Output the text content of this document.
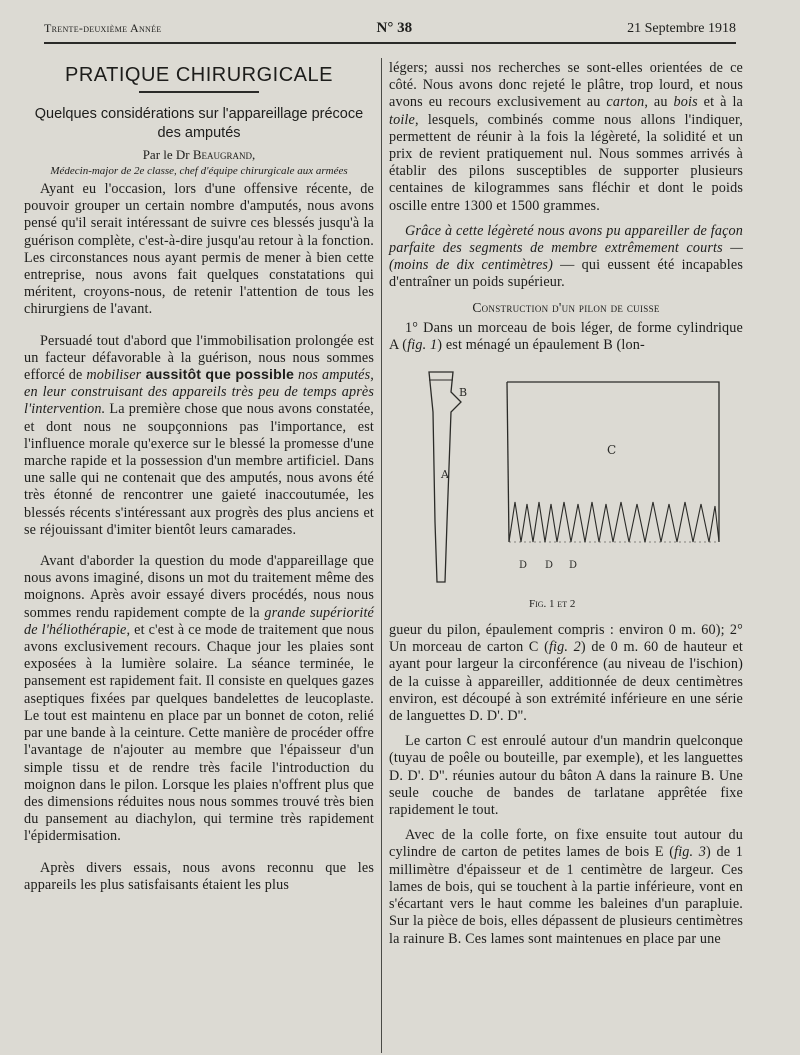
Trente-deuxième Année	N° 38	21 Septembre 1918
PRATIQUE CHIRURGICALE
Quelques considérations sur l'appareillage précoce des amputés
Par le Dr Beaugrand,
Médecin-major de 2e classe, chef d'équipe chirurgicale aux armées

Ayant eu l'occasion, lors d'une offensive récente, de pouvoir grouper un certain nombre d'amputés, nous avons pensé qu'il serait intéressant de suivre ces blessés jusqu'à la guérison complète, c'est-à-dire jusqu'au retour à la fonction. Les circonstances nous ayant permis de mener à bien cette entreprise, nous avons fait quelques constatations qui méritent, croyons-nous, de retenir l'attention de tous les chirurgiens de l'avant.

Persuadé tout d'abord que l'immobilisation prolongée est un facteur défavorable à la guérison, nous nous sommes efforcé de mobiliser aussitôt que possible nos amputés, en leur construisant des appareils très peu de temps après l'intervention. La première chose que nous avons constatée, et dont nous ne soupçonnions pas l'importance, est l'influence morale qu'exerce sur le blessé la promesse d'une marche rapide et la possession d'un membre artificiel. Dans une salle qui ne contenait que des amputés, nous avons été très étonné de rencontrer une gaieté inaccoutumée, les blessés récents s'intéressant aux progrès des plus anciens et se réjouissant d'imiter bientôt leurs camarades.

Avant d'aborder la question du mode d'appareillage que nous avons imaginé, disons un mot du traitement même des moignons. Après avoir essayé divers procédés, nous nous sommes rendu rapidement compte de la grande supériorité de l'héliothérapie, et c'est à ce mode de traitement que nous avons exclusivement recours. Chaque jour les plaies sont exposées à la lumière solaire. La séance terminée, le pansement est rapidement fait. Il consiste en quelques gazes aseptiques fixées par quelques bandelettes de leucoplaste. Le tout est maintenu en place par un bonnet de coton, relié par une bande à la ceinture. Cette manière de procéder offre l'avantage de n'ajouter au membre que l'épaisseur d'un simple tissu et de rendre très facile l'introduction du moignon dans le pilon. Lorsque les plaies n'offrent plus que des dimensions réduites nous nous sommes trouvé très bien du pansement au diachylon, qui termine très rapidement l'épidermisation.

Après divers essais, nous avons reconnu que les appareils les plus satisfaisants étaient les plus

légers; aussi nos recherches se sont-elles orientées de ce côté. Nous avons donc rejeté le plâtre, trop lourd, et nous avons eu recours exclusivement au carton, au bois et à la toile, lesquels, combinés comme nous allons l'indiquer, permettent de réunir à la fois la légèreté, la solidité et un prix de revient pratiquement nul. Nous sommes arrivés à établir des pilons susceptibles de supporter plusieurs centaines de kilogrammes sans fléchir et dont le poids oscille entre 1300 et 1500 grammes.

Grâce à cette légèreté nous avons pu appareiller de façon parfaite des segments de membre extrêmement courts — (moins de dix centimètres) — qui eussent été incapables d'entraîner un poids supérieur.

Construction d'un pilon de cuisse

1° Dans un morceau de bois léger, de forme cylindrique A (fig. 1) est ménagé un épaulement B (lon-

B
A
C
D D D
Fig. 1 et 2

gueur du pilon, épaulement compris : environ 0 m. 60); 2° Un morceau de carton C (fig. 2) de 0 m. 60 de hauteur et ayant pour largeur la circonférence (au niveau de l'ischion) de la cuisse à appareiller, additionnée de deux centimètres environ, est découpé à son extrémité inférieure en une série de languettes D. D'. D''.

Le carton C est enroulé autour d'un mandrin quelconque (tuyau de poêle ou bouteille, par exemple), et les languettes D. D'. D''. réunies autour du bâton A dans la rainure B. Une seule couche de bandes de tarlatane apprêtée fixe rapidement le tout.

Avec de la colle forte, on fixe ensuite tout autour du cylindre de carton de petites lames de bois E (fig. 3) de 1 millimètre d'épaisseur et de 1 centimètre de largeur. Ces lames de bois, qui se touchent à la partie inférieure, vont en s'écartant vers le haut comme les baleines d'un parapluie. Sur la pièce de bois, elles dépassent de plusieurs centimètres la rainure B. Ces lames sont maintenues en place par une
